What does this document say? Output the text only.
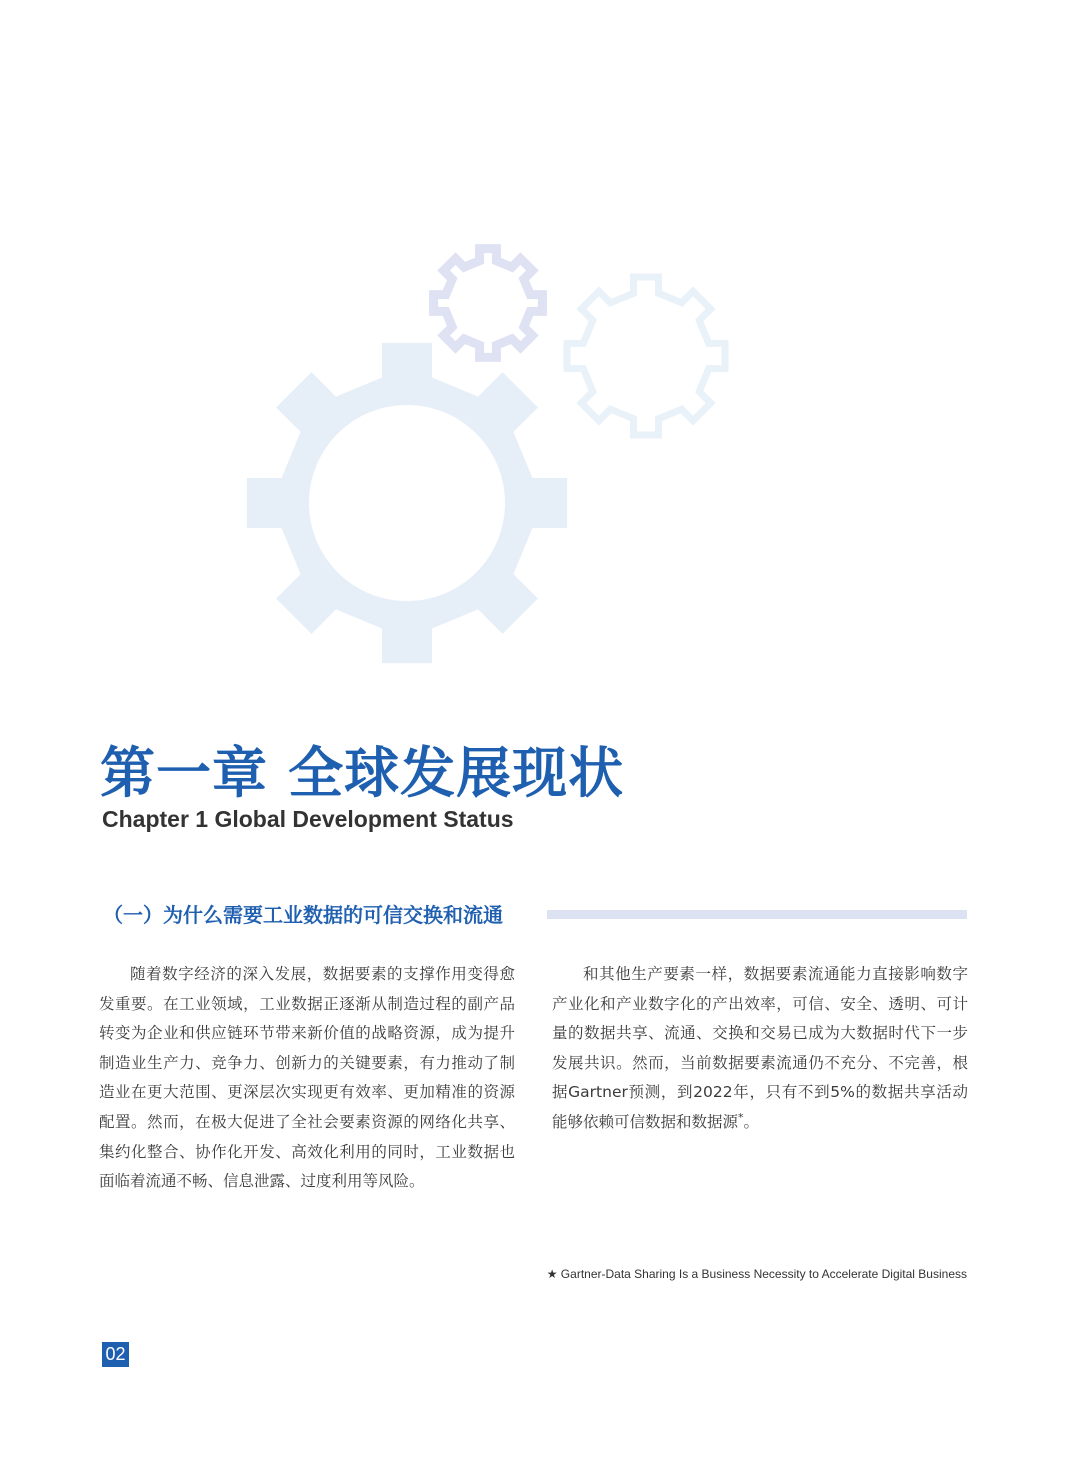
第一章 全球发展现状
Chapter 1 Global Development Status
（一）为什么需要工业数据的可信交换和流通
随着数字经济的深入发展，数据要素的支撑作用变得愈发重要。在工业领域，工业数据正逐渐从制造过程的副产品转变为企业和供应链环节带来新价值的战略资源，成为提升制造业生产力、竞争力、创新力的关键要素，有力推动了制造业在更大范围、更深层次实现更有效率、更加精准的资源配置。然而，在极大促进了全社会要素资源的网络化共享、集约化整合、协作化开发、高效化利用的同时，工业数据也面临着流通不畅、信息泄露、过度利用等风险。
和其他生产要素一样，数据要素流通能力直接影响数字产业化和产业数字化的产出效率，可信、安全、透明、可计量的数据共享、流通、交换和交易已成为大数据时代下一步发展共识。然而，当前数据要素流通仍不充分、不完善，根据Gartner预测，到2022年，只有不到5%的数据共享活动能够依赖可信数据和数据源*。
★ Gartner-Data Sharing Is a Business Necessity to Accelerate Digital Business
02
